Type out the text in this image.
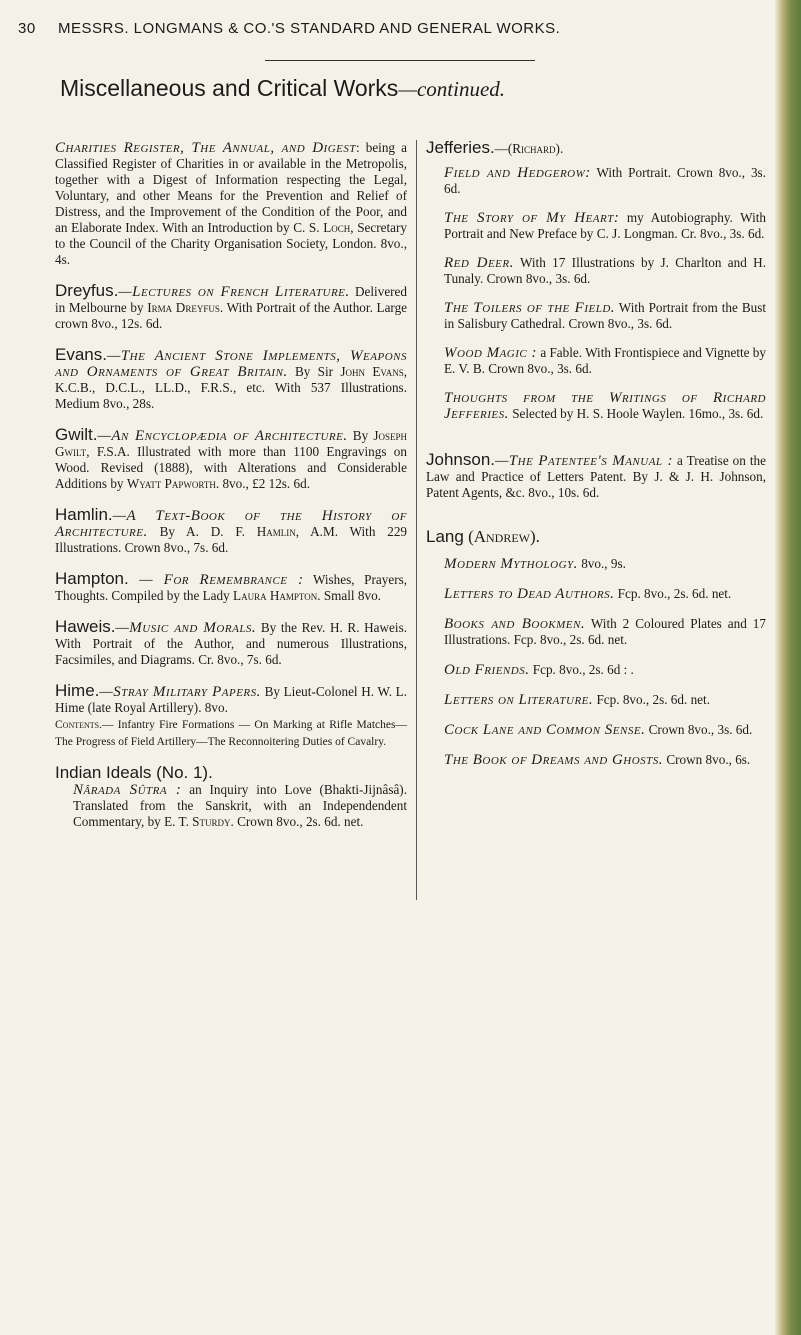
30 MESSRS. LONGMANS & CO.'S STANDARD AND GENERAL WORKS.
Miscellaneous and Critical Works—continued.

Charities Register, The Annual, and Digest: being a Classified Register of Charities in or available in the Metropolis, together with a Digest of Information respecting the Legal, Voluntary, and other Means for the Prevention and Relief of Distress, and the Improvement of the Condition of the Poor, and an Elaborate Index. With an Introduction by C. S. Loch, Secretary to the Council of the Charity Organisation Society, London. 8vo., 4s.

Dreyfus.—Lectures on French Literature. Delivered in Melbourne by Irma Dreyfus. With Portrait of the Author. Large crown 8vo., 12s. 6d.

Evans.—The Ancient Stone Implements, Weapons and Ornaments of Great Britain. By Sir John Evans, K.C.B., D.C.L., LL.D., F.R.S., etc. With 537 Illustrations. Medium 8vo., 28s.

Gwilt.—An Encyclopædia of Architecture. By Joseph Gwilt, F.S.A. Illustrated with more than 1100 Engravings on Wood. Revised (1888), with Alterations and Considerable Additions by Wyatt Papworth. 8vo., £2 12s. 6d.

Hamlin.—A Text-Book of the History of Architecture. By A. D. F. Hamlin, A.M. With 229 Illustrations. Crown 8vo., 7s. 6d.

Hampton. — For Remembrance : Wishes, Prayers, Thoughts. Compiled by the Lady Laura Hampton. Small 8vo.

Haweis.—Music and Morals. By the Rev. H. R. Haweis. With Portrait of the Author, and numerous Illustrations, Facsimiles, and Diagrams. Cr. 8vo., 7s. 6d.

Hime.—Stray Military Papers. By Lieut-Colonel H. W. L. Hime (late Royal Artillery). 8vo.
Contents.— Infantry Fire Formations — On Marking at Rifle Matches—The Progress of Field Artillery—The Reconnoitering Duties of Cavalry.

Indian Ideals (No. 1).

Nârada Sûtra : an Inquiry into Love (Bhakti-Jijnâsâ). Translated from the Sanskrit, with an Independendent Commentary, by E. T. Sturdy. Crown 8vo., 2s. 6d. net.

Jefferies.—(Richard).

Field and Hedgerow: With Portrait. Crown 8vo., 3s. 6d.

The Story of My Heart: my Autobiography. With Portrait and New Preface by C. J. Longman. Cr. 8vo., 3s. 6d.

Red Deer. With 17 Illustrations by J. Charlton and H. Tunaly. Crown 8vo., 3s. 6d.

The Toilers of the Field. With Portrait from the Bust in Salisbury Cathedral. Crown 8vo., 3s. 6d.

Wood Magic : a Fable. With Frontispiece and Vignette by E. V. B. Crown 8vo., 3s. 6d.

Thoughts from the Writings of Richard Jefferies. Selected by H. S. Hoole Waylen. 16mo., 3s. 6d.

Johnson.—The Patentee's Manual : a Treatise on the Law and Practice of Letters Patent. By J. & J. H. Johnson, Patent Agents, &c. 8vo., 10s. 6d.

Lang (Andrew).

Modern Mythology. 8vo., 9s.

Letters to Dead Authors. Fcp. 8vo., 2s. 6d. net.

Books and Bookmen. With 2 Coloured Plates and 17 Illustrations. Fcp. 8vo., 2s. 6d. net.

Old Friends. Fcp. 8vo., 2s. 6d : .

Letters on Literature. Fcp. 8vo., 2s. 6d. net.

Cock Lane and Common Sense. Crown 8vo., 3s. 6d.

The Book of Dreams and Ghosts. Crown 8vo., 6s.
